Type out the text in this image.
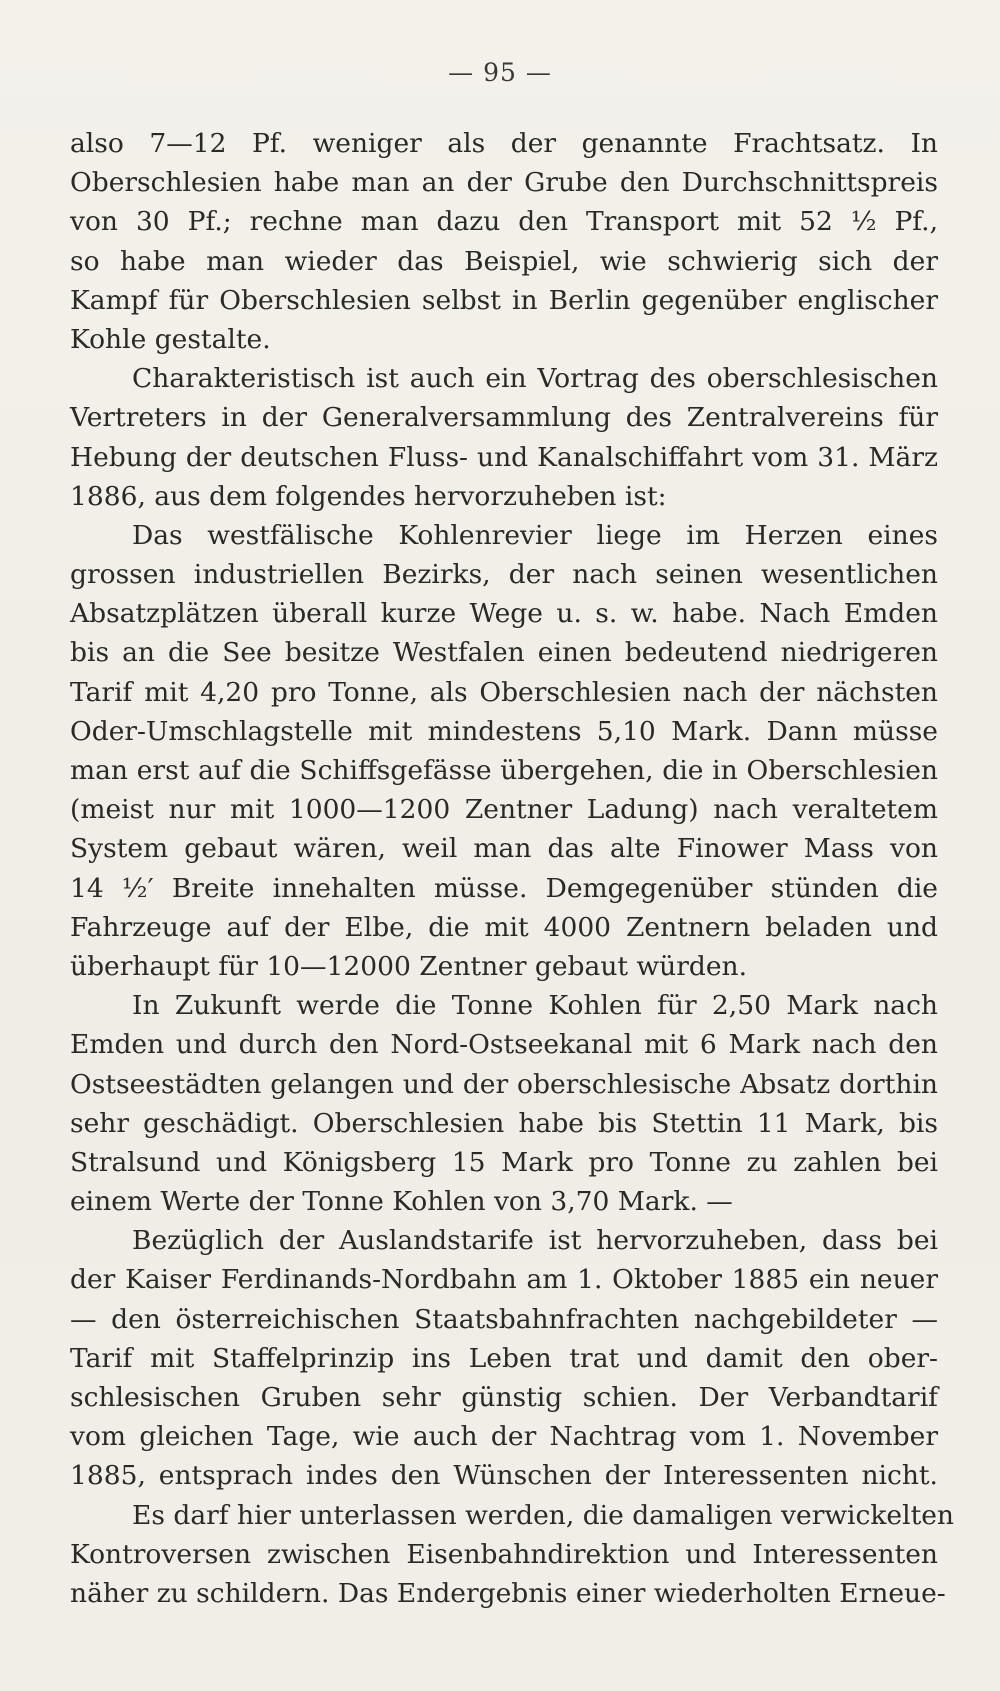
— 95 —
also 7—12 Pf. weniger als der genannte Frachtsatz. In
Oberschlesien habe man an der Grube den Durchschnittspreis
von 30 Pf.; rechne man dazu den Transport mit 52 ½ Pf.,
so habe man wieder das Beispiel, wie schwierig sich der
Kampf für Oberschlesien selbst in Berlin gegenüber englischer
Kohle gestalte.
Charakteristisch ist auch ein Vortrag des oberschlesischen
Vertreters in der Generalversammlung des Zentralvereins für
Hebung der deutschen Fluss- und Kanalschiffahrt vom 31. März
1886, aus dem folgendes hervorzuheben ist:
Das westfälische Kohlenrevier liege im Herzen eines
grossen industriellen Bezirks, der nach seinen wesentlichen
Absatzplätzen überall kurze Wege u. s. w. habe. Nach Emden
bis an die See besitze Westfalen einen bedeutend niedrigeren
Tarif mit 4,20 pro Tonne, als Oberschlesien nach der nächsten
Oder-Umschlagstelle mit mindestens 5,10 Mark. Dann müsse
man erst auf die Schiffsgefässe übergehen, die in Oberschlesien
(meist nur mit 1000—1200 Zentner Ladung) nach veraltetem
System gebaut wären, weil man das alte Finower Mass von
14 ½′ Breite innehalten müsse. Demgegenüber stünden die
Fahrzeuge auf der Elbe, die mit 4000 Zentnern beladen und
überhaupt für 10—12000 Zentner gebaut würden.
In Zukunft werde die Tonne Kohlen für 2,50 Mark nach
Emden und durch den Nord-Ostseekanal mit 6 Mark nach den
Ostseestädten gelangen und der oberschlesische Absatz dorthin
sehr geschädigt. Oberschlesien habe bis Stettin 11 Mark, bis
Stralsund und Königsberg 15 Mark pro Tonne zu zahlen bei
einem Werte der Tonne Kohlen von 3,70 Mark. —
Bezüglich der Auslandstarife ist hervorzuheben, dass bei
der Kaiser Ferdinands-Nordbahn am 1. Oktober 1885 ein neuer
— den österreichischen Staatsbahnfrachten nachgebildeter —
Tarif mit Staffelprinzip ins Leben trat und damit den ober-
schlesischen Gruben sehr günstig schien. Der Verbandtarif
vom gleichen Tage, wie auch der Nachtrag vom 1. November
1885, entsprach indes den Wünschen der Interessenten nicht.
Es darf hier unterlassen werden, die damaligen verwickelten
Kontroversen zwischen Eisenbahndirektion und Interessenten
näher zu schildern. Das Endergebnis einer wiederholten Erneue-
